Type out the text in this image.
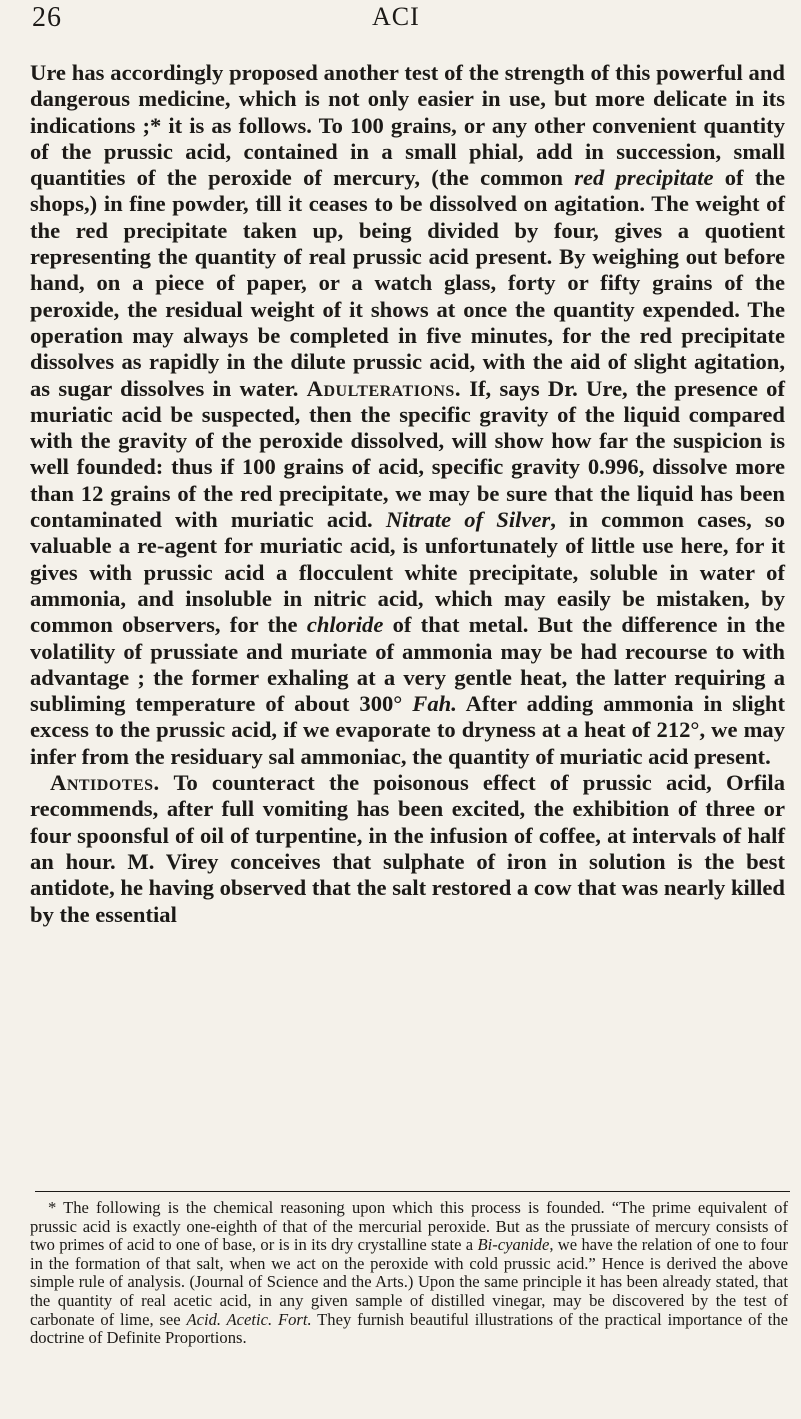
26	ACI

Ure has accordingly proposed another test of the strength of this powerful and dangerous medicine, which is not only easier in use, but more delicate in its indications ;* it is as follows. To 100 grains, or any other convenient quantity of the prussic acid, contained in a small phial, add in succession, small quantities of the peroxide of mercury, (the common red precipitate of the shops,) in fine powder, till it ceases to be dissolved on agitation. The weight of the red precipitate taken up, being divided by four, gives a quotient representing the quantity of real prussic acid present. By weighing out before hand, on a piece of paper, or a watch glass, forty or fifty grains of the peroxide, the residual weight of it shows at once the quantity expended. The operation may always be completed in five minutes, for the red precipitate dissolves as rapidly in the dilute prussic acid, with the aid of slight agitation, as sugar dissolves in water. Adulterations. If, says Dr. Ure, the presence of muriatic acid be suspected, then the specific gravity of the liquid compared with the gravity of the peroxide dissolved, will show how far the suspicion is well founded: thus if 100 grains of acid, specific gravity 0.996, dissolve more than 12 grains of the red precipitate, we may be sure that the liquid has been contaminated with muriatic acid. Nitrate of Silver, in common cases, so valuable a re-agent for muriatic acid, is unfortunately of little use here, for it gives with prussic acid a flocculent white precipitate, soluble in water of ammonia, and insoluble in nitric acid, which may easily be mistaken, by common observers, for the chloride of that metal. But the difference in the volatility of prussiate and muriate of ammonia may be had recourse to with advantage ; the former exhaling at a very gentle heat, the latter requiring a subliming temperature of about 300° Fah. After adding ammonia in slight excess to the prussic acid, if we evaporate to dryness at a heat of 212°, we may infer from the residuary sal ammoniac, the quantity of muriatic acid present.

Antidotes. To counteract the poisonous effect of prussic acid, Orfila recommends, after full vomiting has been excited, the exhibition of three or four spoonsful of oil of turpentine, in the infusion of coffee, at intervals of half an hour. M. Virey conceives that sulphate of iron in solution is the best antidote, he having observed that the salt restored a cow that was nearly killed by the essential

* The following is the chemical reasoning upon which this process is founded. “The prime equivalent of prussic acid is exactly one-eighth of that of the mercurial peroxide. But as the prussiate of mercury consists of two primes of acid to one of base, or is in its dry crystalline state a Bi-cyanide, we have the relation of one to four in the formation of that salt, when we act on the peroxide with cold prussic acid.” Hence is derived the above simple rule of analysis. (Journal of Science and the Arts.) Upon the same principle it has been already stated, that the quantity of real acetic acid, in any given sample of distilled vinegar, may be discovered by the test of carbonate of lime, see Acid. Acetic. Fort. They furnish beautiful illustrations of the practical importance of the doctrine of Definite Proportions.
